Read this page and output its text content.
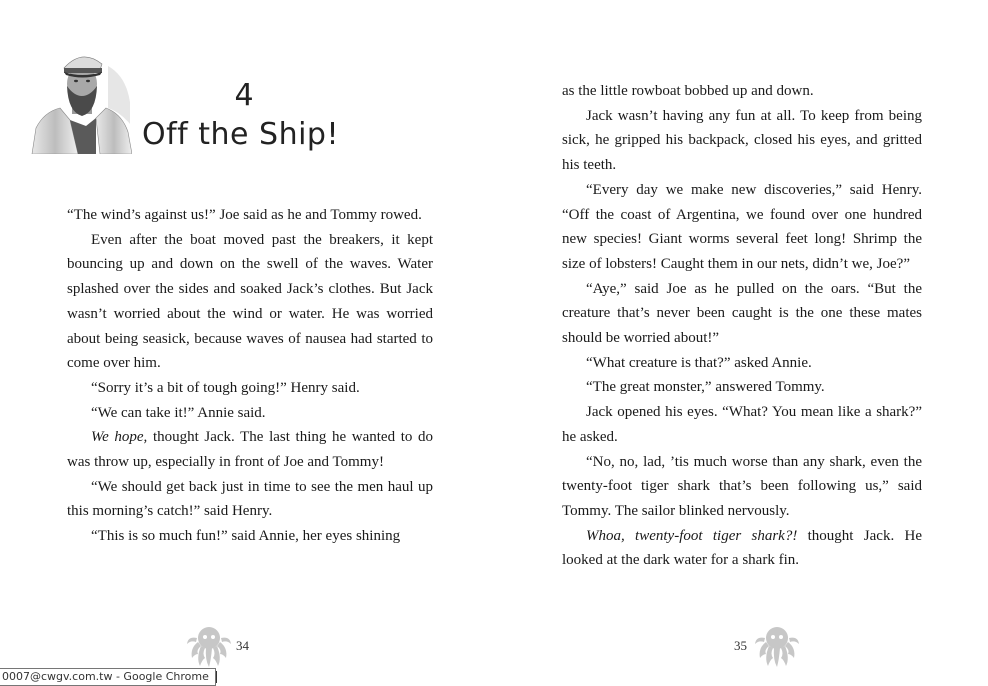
4
Off the Ship!

“The wind’s against us!” Joe said as he and Tommy rowed.

Even after the boat moved past the breakers, it kept bouncing up and down on the swell of the waves. Water splashed over the sides and soaked Jack’s clothes. But Jack wasn’t worried about the wind or water. He was worried about being seasick, because waves of nausea had started to come over him.

“Sorry it’s a bit of tough going!” Henry said.

“We can take it!” Annie said.

We hope, thought Jack. The last thing he wanted to do was throw up, especially in front of Joe and Tommy!

“We should get back just in time to see the men haul up this morning’s catch!” said Henry.

“This is so much fun!” said Annie, her eyes shining

34

as the little rowboat bobbed up and down.

Jack wasn’t having any fun at all. To keep from being sick, he gripped his backpack, closed his eyes, and gritted his teeth.

“Every day we make new discoveries,” said Henry. “Off the coast of Argentina, we found over one hundred new species! Giant worms several feet long! Shrimp the size of lobsters! Caught them in our nets, didn’t we, Joe?”

“Aye,” said Joe as he pulled on the oars. “But the creature that’s never been caught is the one these mates should be worried about!”

“What creature is that?” asked Annie.

“The great monster,” answered Tommy.

Jack opened his eyes. “What? You mean like a shark?” he asked.

“No, no, lad, ’tis much worse than any shark, even the twenty-foot tiger shark that’s been following us,” said Tommy. The sailor blinked nervously.

Whoa, twenty-foot tiger shark?! thought Jack. He looked at the dark water for a shark fin.

35
0007@cwgv.com.tw - Google Chrome
